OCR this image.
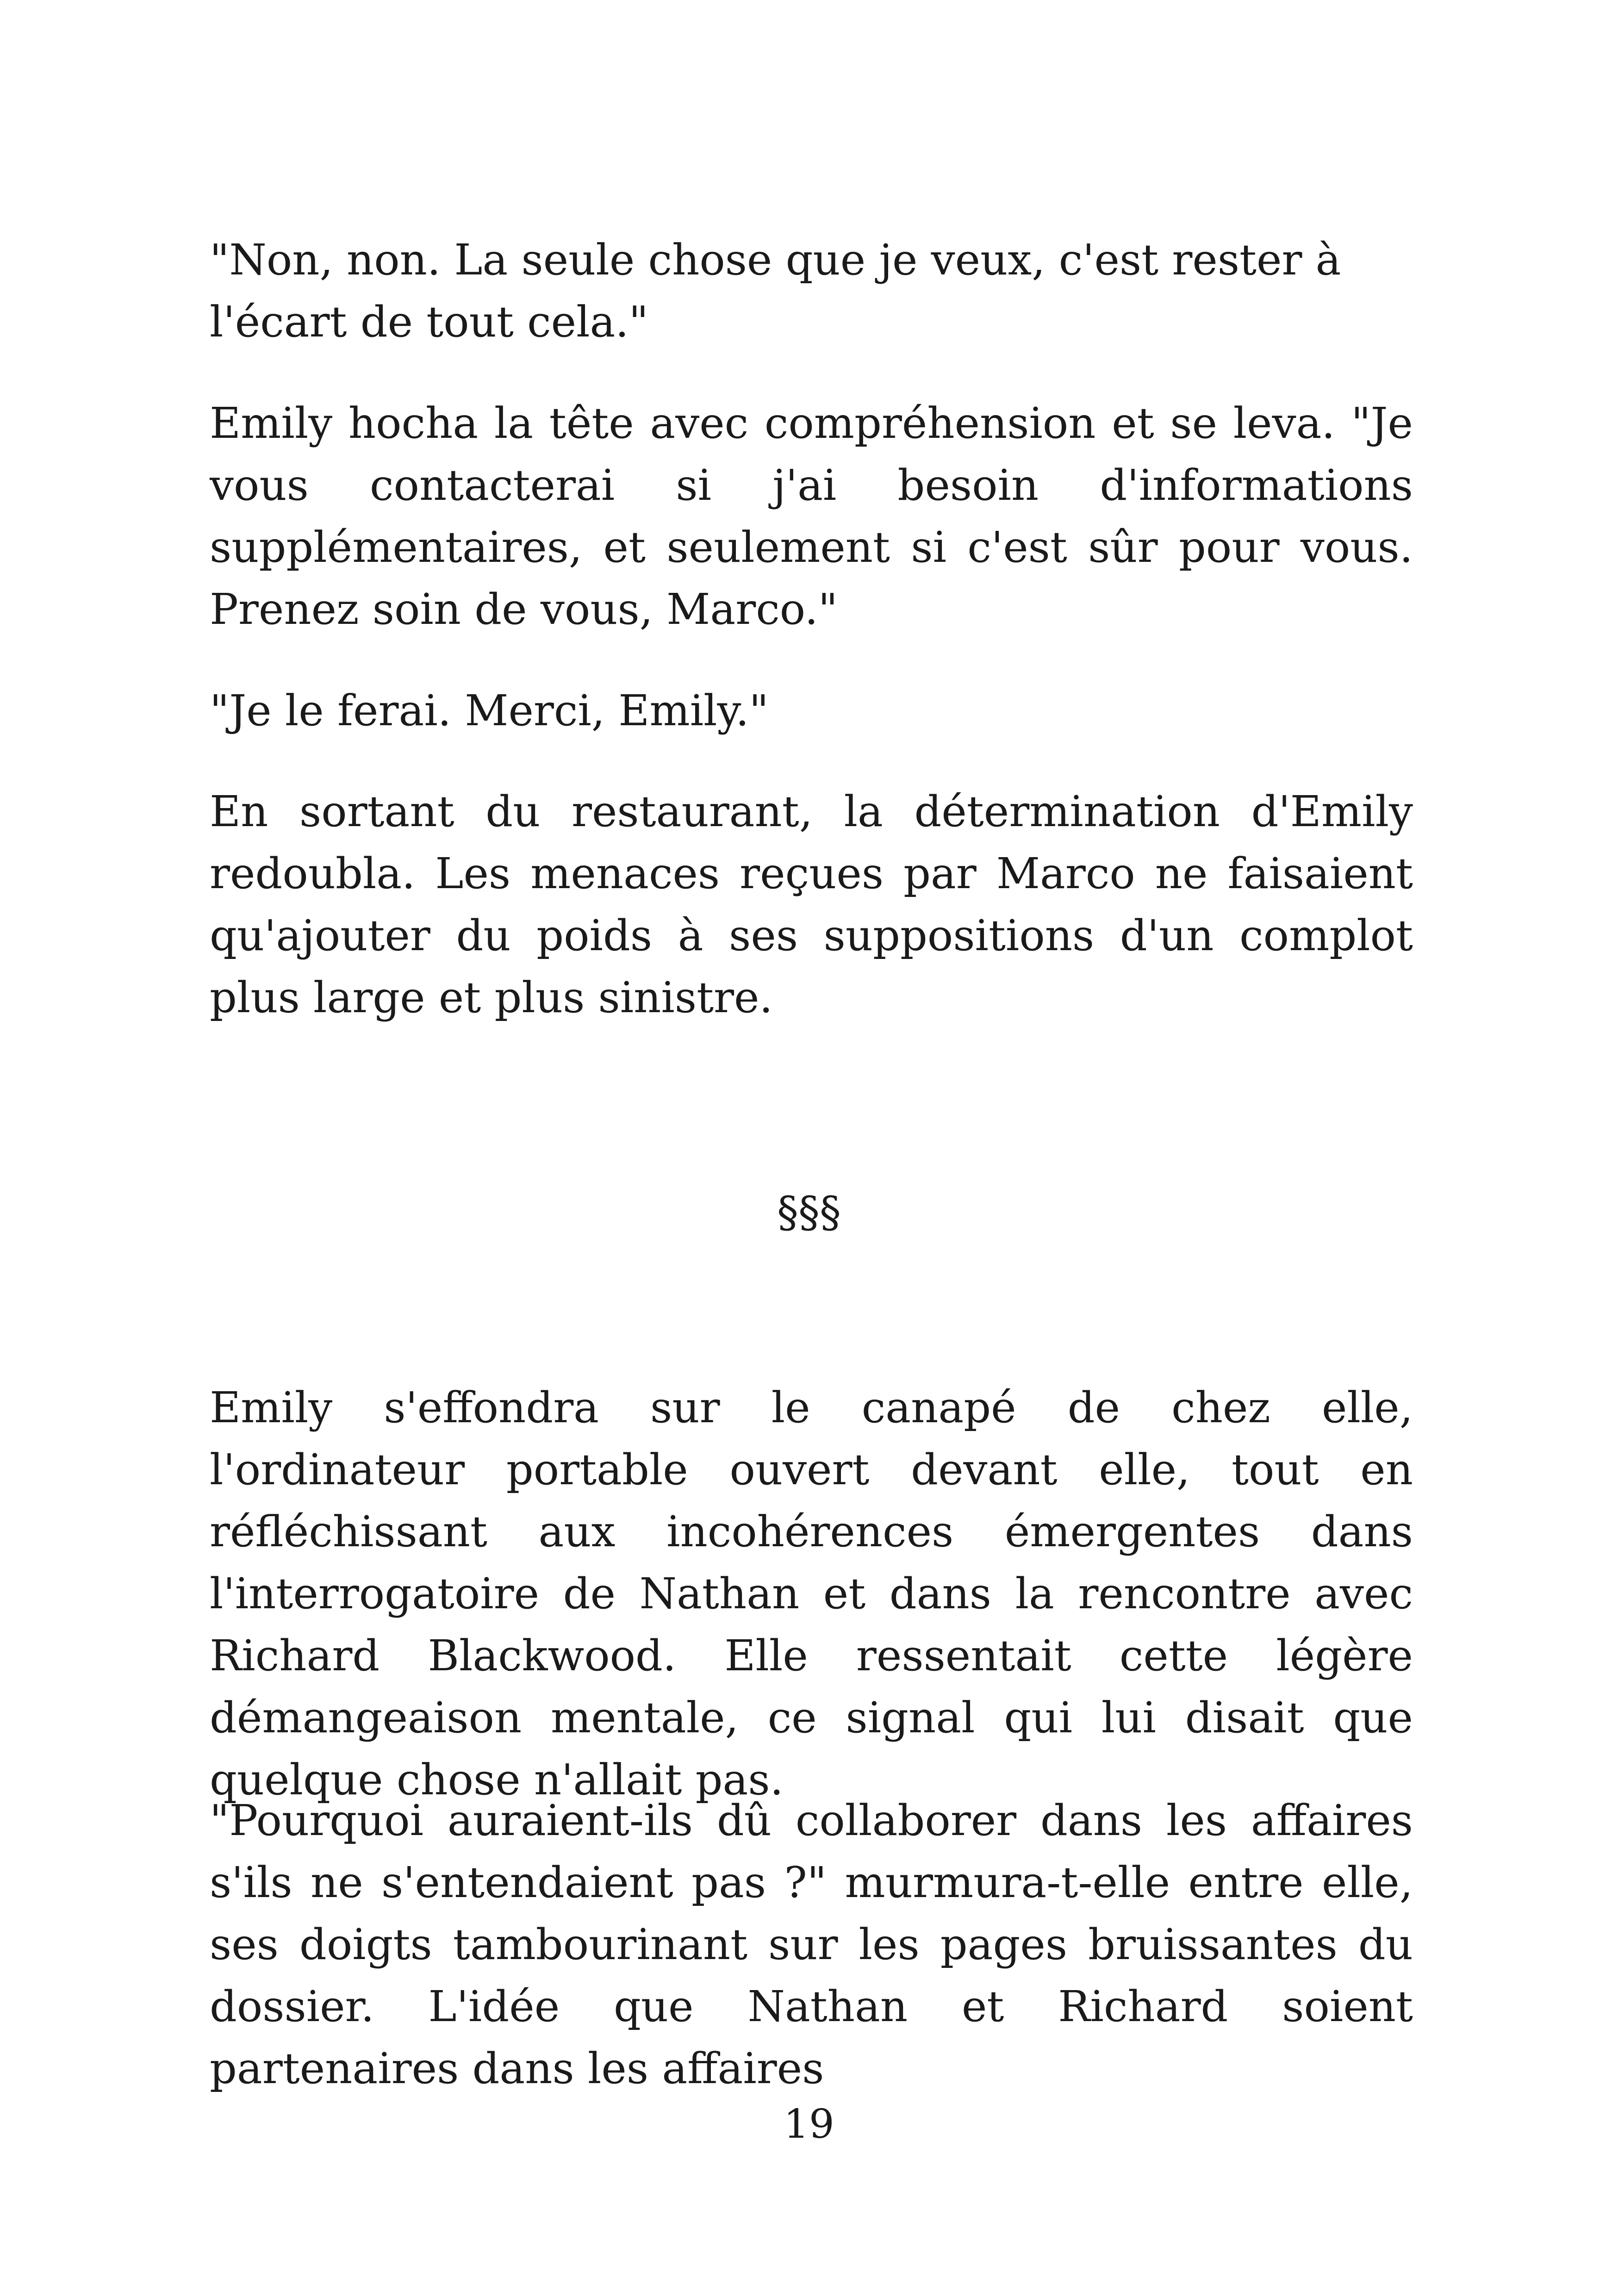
"Non, non. La seule chose que je veux, c'est rester à l'écart de tout cela."

Emily hocha la tête avec compréhension et se leva. "Je vous contacterai si j'ai besoin d'informations supplémentaires, et seulement si c'est sûr pour vous. Prenez soin de vous, Marco."

"Je le ferai. Merci, Emily."

En sortant du restaurant, la détermination d'Emily redoubla. Les menaces reçues par Marco ne faisaient qu'ajouter du poids à ses suppositions d'un complot plus large et plus sinistre.

§§§

Emily s'effondra sur le canapé de chez elle, l'ordinateur portable ouvert devant elle, tout en réfléchissant aux incohérences émergentes dans l'interrogatoire de Nathan et dans la rencontre avec Richard Blackwood. Elle ressentait cette légère démangeaison mentale, ce signal qui lui disait que quelque chose n'allait pas.

"Pourquoi auraient-ils dû collaborer dans les affaires s'ils ne s'entendaient pas ?" murmura-t-elle entre elle, ses doigts tambourinant sur les pages bruissantes du dossier. L'idée que Nathan et Richard soient partenaires dans les affaires

19
